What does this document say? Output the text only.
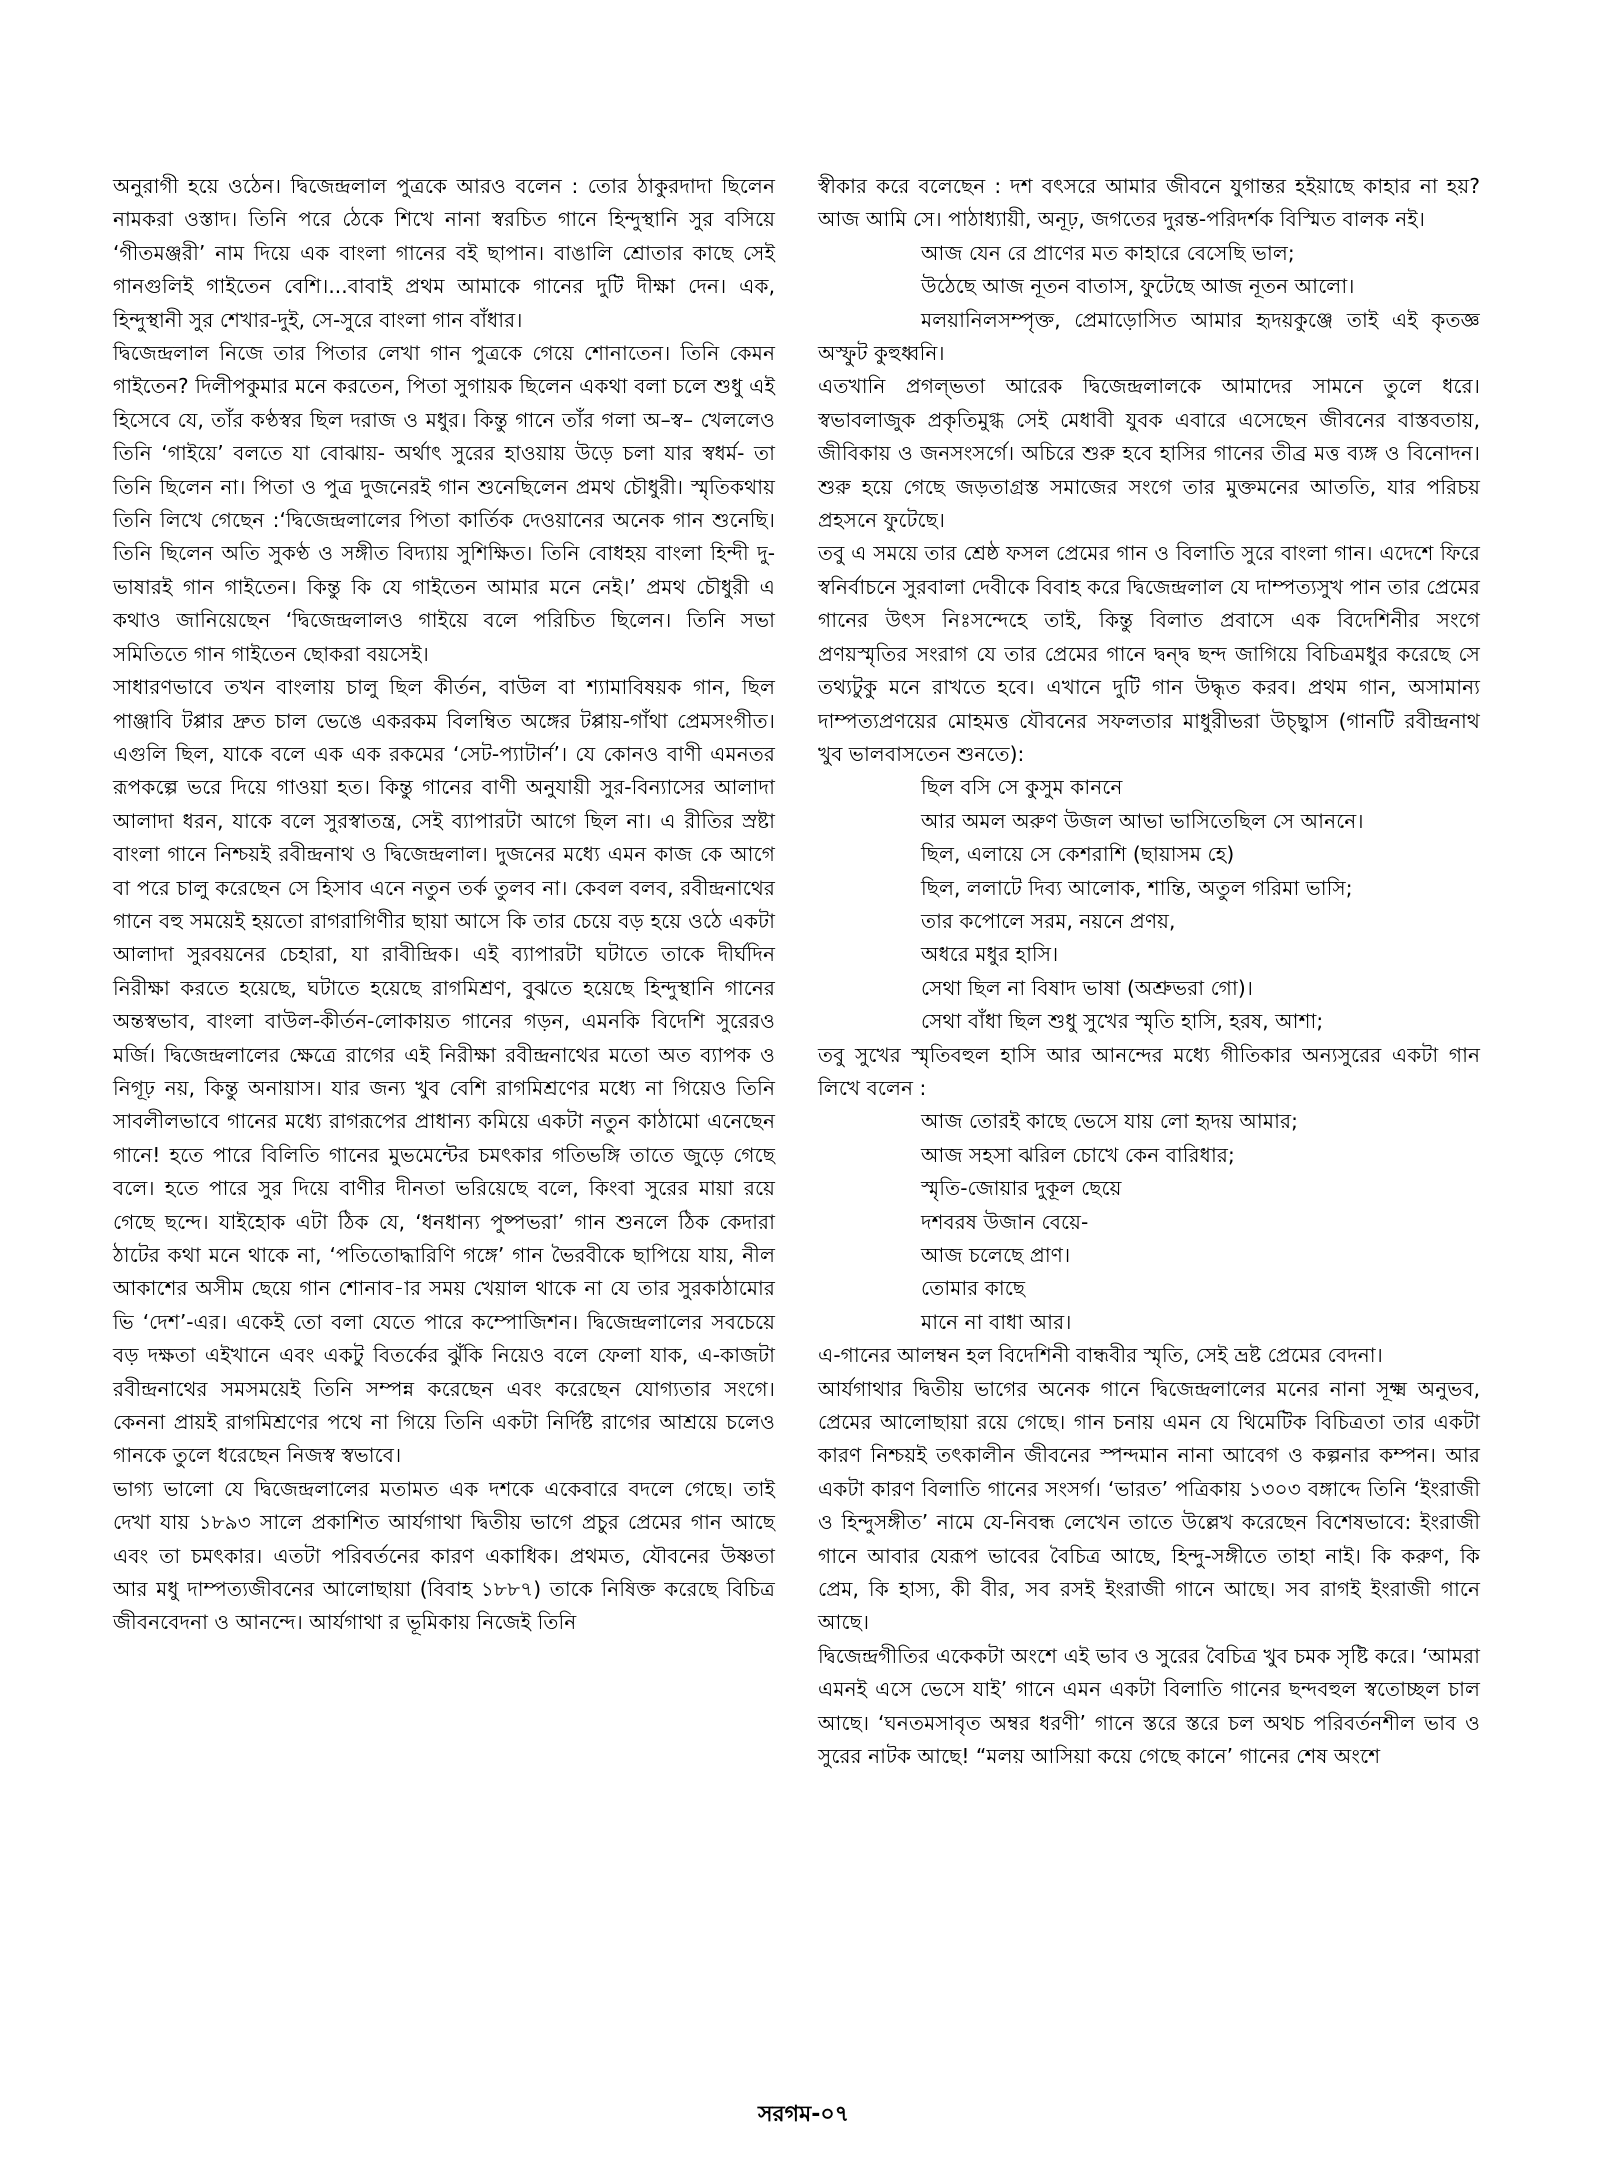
অনুরাগী হয়ে ওঠেন। দ্বিজেন্দ্রলাল পুত্রকে আরও বলেন : তোর ঠাকুরদাদা ছিলেন নামকরা ওস্তাদ। তিনি পরে ঠেকে শিখে নানা স্বরচিত গানে হিন্দুস্থানি সুর বসিয়ে ‘গীতমঞ্জরী’ নাম দিয়ে এক বাংলা গানের বই ছাপান। বাঙালি শ্রোতার কাছে সেই গানগুলিই গাইতেন বেশি।...বাবাই প্রথম আমাকে গানের দুটি দীক্ষা দেন। এক, হিন্দুস্থানী সুর শেখার-দুই, সে-সুরে বাংলা গান বাঁধার।

দ্বিজেন্দ্রলাল নিজে তার পিতার লেখা গান পুত্রকে গেয়ে শোনাতেন। তিনি কেমন গাইতেন? দিলীপকুমার মনে করতেন, পিতা সুগায়ক ছিলেন একথা বলা চলে শুধু এই হিসেবে যে, তাঁর কণ্ঠস্বর ছিল দরাজ ও মধুর। কিন্তু গানে তাঁর গলা অ–স্ব– খেললেও তিনি ‘গাইয়ে’ বলতে যা বোঝায়- অর্থাৎ সুরের হাওয়ায় উড়ে চলা যার স্বধর্ম- তা তিনি ছিলেন না। পিতা ও পুত্র দুজনেরই গান শুনেছিলেন প্রমথ চৌধুরী। স্মৃতিকথায় তিনি লিখে গেছেন :‘দ্বিজেন্দ্রলালের পিতা কার্তিক দেওয়ানের অনেক গান শুনেছি। তিনি ছিলেন অতি সুকণ্ঠ ও সঙ্গীত বিদ্যায় সুশিক্ষিত। তিনি বোধহয় বাংলা হিন্দী দু-ভাষারই গান গাইতেন। কিন্তু কি যে গাইতেন আমার মনে নেই।’ প্রমথ চৌধুরী এ কথাও জানিয়েছেন ‘দ্বিজেন্দ্রলালও গাইয়ে বলে পরিচিত ছিলেন। তিনি সভা সমিতিতে গান গাইতেন ছোকরা বয়সেই।

সাধারণভাবে তখন বাংলায় চালু ছিল কীর্তন, বাউল বা শ্যামাবিষয়ক গান, ছিল পাঞ্জাবি টপ্পার দ্রুত চাল ভেঙে একরকম বিলম্বিত অঙ্গের টপ্পায়-গাঁথা প্রেমসংগীত। এগুলি ছিল, যাকে বলে এক এক রকমের ‘সেট-প্যাটার্ন’। যে কোনও বাণী এমনতর রূপকল্পে ভরে দিয়ে গাওয়া হত। কিন্তু গানের বাণী অনুযায়ী সুর-বিন্যাসের আলাদা আলাদা ধরন, যাকে বলে সুরস্বাতন্ত্র, সেই ব্যাপারটা আগে ছিল না। এ রীতির স্রষ্টা বাংলা গানে নিশ্চয়ই রবীন্দ্রনাথ ও দ্বিজেন্দ্রলাল। দুজনের মধ্যে এমন কাজ কে আগে বা পরে চালু করেছেন সে হিসাব এনে নতুন তর্ক তুলব না। কেবল বলব, রবীন্দ্রনাথের গানে বহু সময়েই হয়তো রাগরাগিণীর ছায়া আসে কি তার চেয়ে বড় হয়ে ওঠে একটা আলাদা সুরবয়নের চেহারা, যা রাবীন্দ্রিক। এই ব্যাপারটা ঘটাতে তাকে দীর্ঘদিন নিরীক্ষা করতে হয়েছে, ঘটাতে হয়েছে রাগমিশ্রণ, বুঝতে হয়েছে হিন্দুস্থানি গানের অন্তস্বভাব, বাংলা বাউল-কীর্তন-লোকায়ত গানের গড়ন, এমনকি বিদেশি সুরেরও মর্জি। দ্বিজেন্দ্রলালের ক্ষেত্রে রাগের এই নিরীক্ষা রবীন্দ্রনাথের মতো অত ব্যাপক ও নিগূঢ় নয়, কিন্তু অনায়াস। যার জন্য খুব বেশি রাগমিশ্রণের মধ্যে না গিয়েও তিনি সাবলীলভাবে গানের মধ্যে রাগরূপের প্রাধান্য কমিয়ে একটা নতুন কাঠামো এনেছেন গানে! হতে পারে বিলিতি গানের মুভমেন্টের চমৎকার গতিভঙ্গি তাতে জুড়ে গেছে বলে। হতে পারে সুর দিয়ে বাণীর দীনতা ভরিয়েছে বলে, কিংবা সুরের মায়া রয়ে গেছে ছন্দে। যাইহোক এটা ঠিক যে, ‘ধনধান্য পুষ্পভরা’ গান শুনলে ঠিক কেদারা ঠাটের কথা মনে থাকে না, ‘পতিতোদ্ধারিণি গঙ্গে’ গান ভৈরবীকে ছাপিয়ে যায়, নীল আকাশের অসীম ছেয়ে গান শোনাব-ার সময় খেয়াল থাকে না যে তার সুরকাঠামোর ভি ‘দেশ’-এর। একেই তো বলা যেতে পারে কম্পোজিশন। দ্বিজেন্দ্রলালের সবচেয়ে বড় দক্ষতা এইখানে এবং একটু বিতর্কের ঝুঁকি নিয়েও বলে ফেলা যাক, এ-কাজটা রবীন্দ্রনাথের সমসময়েই তিনি সম্পন্ন করেছেন এবং করেছেন যোগ্যতার সংগে। কেননা প্রায়ই রাগমিশ্রণের পথে না গিয়ে তিনি একটা নির্দিষ্ট রাগের আশ্রয়ে চলেও গানকে তুলে ধরেছেন নিজস্ব স্বভাবে।

ভাগ্য ভালো যে দ্বিজেন্দ্রলালের মতামত এক দশকে একেবারে বদলে গেছে। তাই দেখা যায় ১৮৯৩ সালে প্রকাশিত আর্যগাথা দ্বিতীয় ভাগে প্রচুর প্রেমের গান আছে এবং তা চমৎকার। এতটা পরিবর্তনের কারণ একাধিক। প্রথমত, যৌবনের উষ্ণতা আর মধু দাম্পত্যজীবনের আলোছায়া (বিবাহ ১৮৮৭) তাকে নিষিক্ত করেছে বিচিত্র জীবনবেদনা ও আনন্দে। আর্যগাথা র ভূমিকায় নিজেই তিনি

স্বীকার করে বলেছেন : দশ বৎসরে আমার জীবনে যুগান্তর হইয়াছে কাহার না হয়? আজ আমি সে। পাঠাধ্যায়ী, অনূঢ়, জগতের দুরন্ত-পরিদর্শক বিস্মিত বালক নই।

আজ যেন রে প্রাণের মত কাহারে বেসেছি ভাল;

উঠেছে আজ নূতন বাতাস, ফুটেছে আজ নূতন আলো।

মলয়ানিলসম্পৃক্ত, প্রেমাড়োসিত আমার হৃদয়কুঞ্জে তাই এই কৃতজ্ঞ অস্ফুট কুহুধ্বনি।

এতখানি প্রগল্ভতা আরেক দ্বিজেন্দ্রলালকে আমাদের সামনে তুলে ধরে। স্বভাবলাজুক প্রকৃতিমুগ্ধ সেই মেধাবী যুবক এবারে এসেছেন জীবনের বাস্তবতায়, জীবিকায় ও জনসংসর্গে। অচিরে শুরু হবে হাসির গানের তীব্র মত্ত ব্যঙ্গ ও বিনোদন। শুরু হয়ে গেছে জড়তাগ্রস্ত সমাজের সংগে তার মুক্তমনের আততি, যার পরিচয় প্রহসনে ফুটেছে।

তবু এ সময়ে তার শ্রেষ্ঠ ফসল প্রেমের গান ও বিলাতি সুরে বাংলা গান। এদেশে ফিরে স্বনির্বাচনে সুরবালা দেবীকে বিবাহ করে দ্বিজেন্দ্রলাল যে দাম্পত্যসুখ পান তার প্রেমের গানের উৎস নিঃসন্দেহে তাই, কিন্তু বিলাত প্রবাসে এক বিদেশিনীর সংগে প্রণয়স্মৃতির সংরাগ যে তার প্রেমের গানে দ্বন্দ্ব ছন্দ জাগিয়ে বিচিত্রমধুর করেছে সে তথ্যটুকু মনে রাখতে হবে। এখানে দুটি গান উদ্ধৃত করব। প্রথম গান, অসামান্য দাম্পত্যপ্রণয়ের মোহমত্ত যৌবনের সফলতার মাধুরীভরা উচ্ছ্বাস (গানটি রবীন্দ্রনাথ খুব ভালবাসতেন শুনতে):

ছিল বসি সে কুসুম কাননে

আর অমল অরুণ উজল আভা ভাসিতেছিল সে আননে।

ছিল, এলায়ে সে কেশরাশি (ছায়াসম হে)

ছিল, ললাটে দিব্য আলোক, শান্তি, অতুল গরিমা ভাসি;

তার কপোলে সরম, নয়নে প্রণয়,

অধরে মধুর হাসি।

সেথা ছিল না বিষাদ ভাষা (অশ্রুভরা গো)।

সেথা বাঁধা ছিল শুধু সুখের স্মৃতি হাসি, হরষ, আশা;

তবু সুখের স্মৃতিবহুল হাসি আর আনন্দের মধ্যে গীতিকার অন্যসুরের একটা গান লিখে বলেন :

আজ তোরই কাছে ভেসে যায় লো হৃদয় আমার;

আজ সহসা ঝরিল চোখে কেন বারিধার;

স্মৃতি-জোয়ার দুকূল ছেয়ে

দশবরষ উজান বেয়ে-

আজ চলেছে প্রাণ।

তোমার কাছে

মানে না বাধা আর।

এ-গানের আলম্বন হল বিদেশিনী বান্ধবীর স্মৃতি, সেই ভ্রষ্ট প্রেমের বেদনা।

আর্যগাথার দ্বিতীয় ভাগের অনেক গানে দ্বিজেন্দ্রলালের মনের নানা সূক্ষ্ম অনুভব, প্রেমের আলোছায়া রয়ে গেছে। গান চনায় এমন যে থিমেটিক বিচিত্রতা তার একটা কারণ নিশ্চয়ই তৎকালীন জীবনের স্পন্দমান নানা আবেগ ও কল্পনার কম্পন। আর একটা কারণ বিলাতি গানের সংসর্গ। ‘ভারত’ পত্রিকায় ১৩০৩ বঙ্গাব্দে তিনি ‘ইংরাজী ও হিন্দুসঙ্গীত’ নামে যে-নিবন্ধ লেখেন তাতে উল্লেখ করেছেন বিশেষভাবে: ইংরাজী গানে আবার যেরূপ ভাবের বৈচিত্র আছে, হিন্দু-সঙ্গীতে তাহা নাই। কি করুণ, কি প্রেম, কি হাস্য, কী বীর, সব রসই ইংরাজী গানে আছে। সব রাগই ইংরাজী গানে আছে।

দ্বিজেন্দ্রগীতির একেকটা অংশে এই ভাব ও সুরের বৈচিত্র খুব চমক সৃষ্টি করে। ‘আমরা এমনই এসে ভেসে যাই’ গানে এমন একটা বিলাতি গানের ছন্দবহুল স্বতোচ্ছল চাল আছে। ‘ঘনতমসাবৃত অম্বর ধরণী’ গানে স্তরে স্তরে চল অথচ পরিবর্তনশীল ভাব ও সুরের নাটক আছে! “মলয় আসিয়া কয়ে গেছে কানে’ গানের শেষ অংশে

সরগম-০৭
